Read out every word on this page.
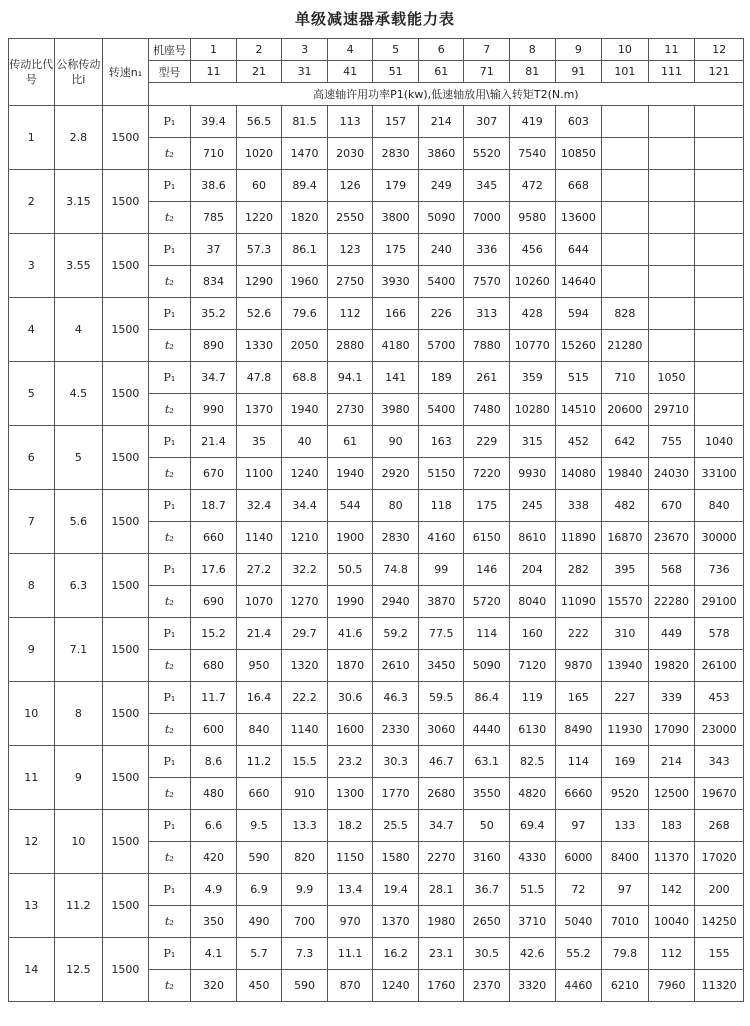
单级减速器承载能力表
传动比代号	公称传动比i	转速n₁	机座号	1	2	3	4	5	6	7	8	9	10	11	12
			型号	11	21	31	41	51	61	71	81	91	101	111	121
			高速轴许用功率P1(kw),低速轴放用\输入转矩T2(N.m)												
1	2.8	1500	P₁	39.4	56.5	81.5	113	157	214	307	419	603			
			t₂	710	1020	1470	2030	2830	3860	5520	7540	10850			
2	3.15	1500	P₁	38.6	60	89.4	126	179	249	345	472	668			
			t₂	785	1220	1820	2550	3800	5090	7000	9580	13600			
3	3.55	1500	P₁	37	57.3	86.1	123	175	240	336	456	644			
			t₂	834	1290	1960	2750	3930	5400	7570	10260	14640			
4	4	1500	P₁	35.2	52.6	79.6	112	166	226	313	428	594	828		
			t₂	890	1330	2050	2880	4180	5700	7880	10770	15260	21280		
5	4.5	1500	P₁	34.7	47.8	68.8	94.1	141	189	261	359	515	710	1050	
			t₂	990	1370	1940	2730	3980	5400	7480	10280	14510	20600	29710	
6	5	1500	P₁	21.4	35	40	61	90	163	229	315	452	642	755	1040
			t₂	670	1100	1240	1940	2920	5150	7220	9930	14080	19840	24030	33100
7	5.6	1500	P₁	18.7	32.4	34.4	544	80	118	175	245	338	482	670	840
			t₂	660	1140	1210	1900	2830	4160	6150	8610	11890	16870	23670	30000
8	6.3	1500	P₁	17.6	27.2	32.2	50.5	74.8	99	146	204	282	395	568	736
			t₂	690	1070	1270	1990	2940	3870	5720	8040	11090	15570	22280	29100
9	7.1	1500	P₁	15.2	21.4	29.7	41.6	59.2	77.5	114	160	222	310	449	578
			t₂	680	950	1320	1870	2610	3450	5090	7120	9870	13940	19820	26100
10	8	1500	P₁	11.7	16.4	22.2	30.6	46.3	59.5	86.4	119	165	227	339	453
			t₂	600	840	1140	1600	2330	3060	4440	6130	8490	11930	17090	23000
11	9	1500	P₁	8.6	11.2	15.5	23.2	30.3	46.7	63.1	82.5	114	169	214	343
			t₂	480	660	910	1300	1770	2680	3550	4820	6660	9520	12500	19670
12	10	1500	P₁	6.6	9.5	13.3	18.2	25.5	34.7	50	69.4	97	133	183	268
			t₂	420	590	820	1150	1580	2270	3160	4330	6000	8400	11370	17020
13	11.2	1500	P₁	4.9	6.9	9.9	13.4	19.4	28.1	36.7	51.5	72	97	142	200
			t₂	350	490	700	970	1370	1980	2650	3710	5040	7010	10040	14250
14	12.5	1500	P₁	4.1	5.7	7.3	11.1	16.2	23.1	30.5	42.6	55.2	79.8	112	155
			t₂	320	450	590	870	1240	1760	2370	3320	4460	6210	7960	11320
